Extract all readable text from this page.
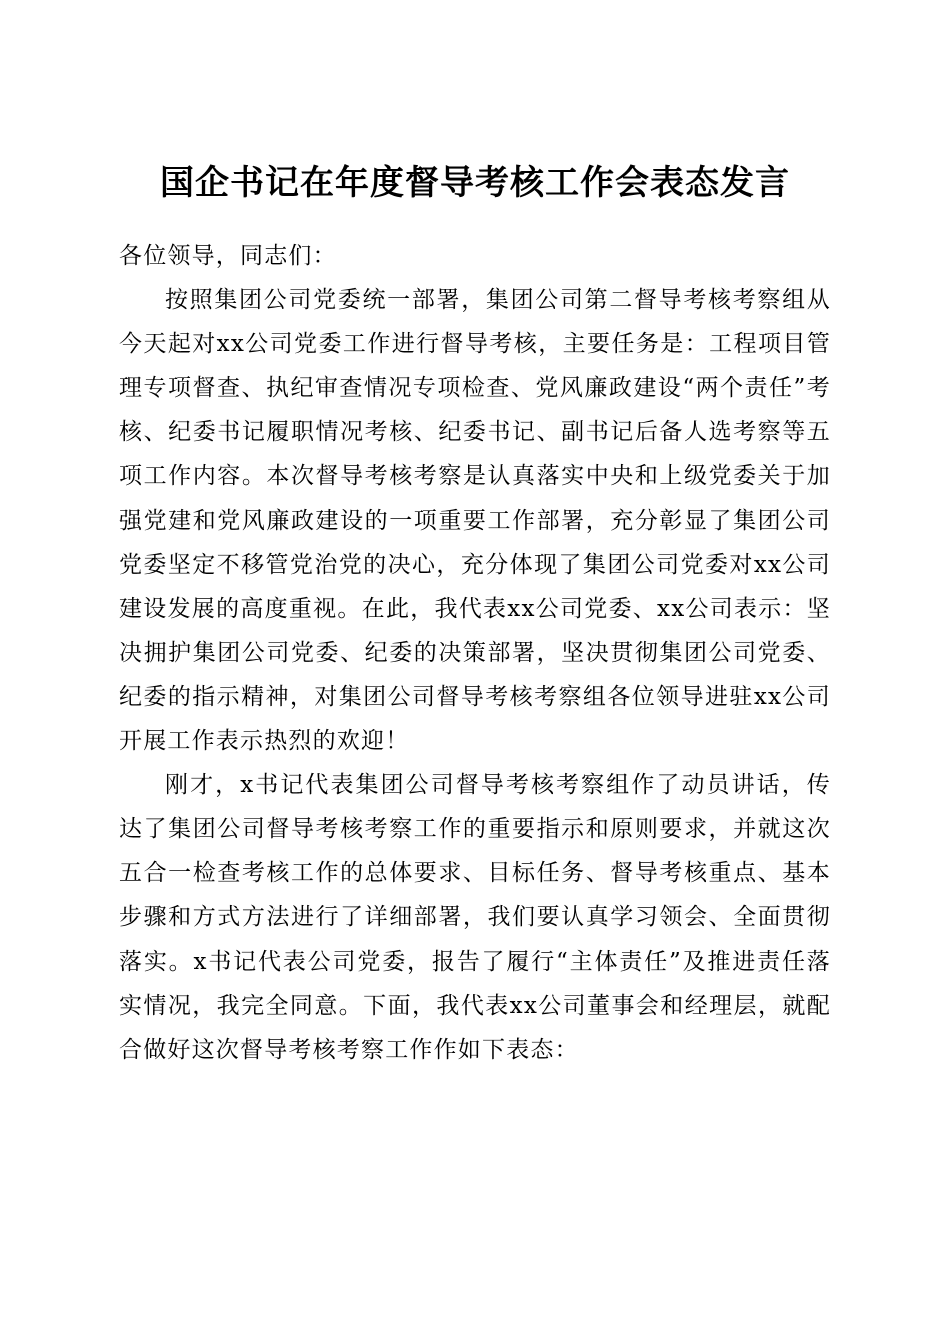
国企书记在年度督导考核工作会表态发言

各位领导，同志们：

按照集团公司党委统一部署，集团公司第二督导考核考察组从今天起对xx公司党委工作进行督导考核，主要任务是：工程项目管理专项督查、执纪审查情况专项检查、党风廉政建设“两个责任”考核、纪委书记履职情况考核、纪委书记、副书记后备人选考察等五项工作内容。本次督导考核考察是认真落实中央和上级党委关于加强党建和党风廉政建设的一项重要工作部署，充分彰显了集团公司党委坚定不移管党治党的决心，充分体现了集团公司党委对xx公司建设发展的高度重视。在此，我代表xx公司党委、xx公司表示：坚决拥护集团公司党委、纪委的决策部署，坚决贯彻集团公司党委、纪委的指示精神，对集团公司督导考核考察组各位领导进驻xx公司开展工作表示热烈的欢迎！

刚才，x书记代表集团公司督导考核考察组作了动员讲话，传达了集团公司督导考核考察工作的重要指示和原则要求，并就这次五合一检查考核工作的总体要求、目标任务、督导考核重点、基本步骤和方式方法进行了详细部署，我们要认真学习领会、全面贯彻落实。x书记代表公司党委，报告了履行“主体责任”及推进责任落实情况，我完全同意。下面，我代表xx公司董事会和经理层，就配合做好这次督导考核考察工作作如下表态：
